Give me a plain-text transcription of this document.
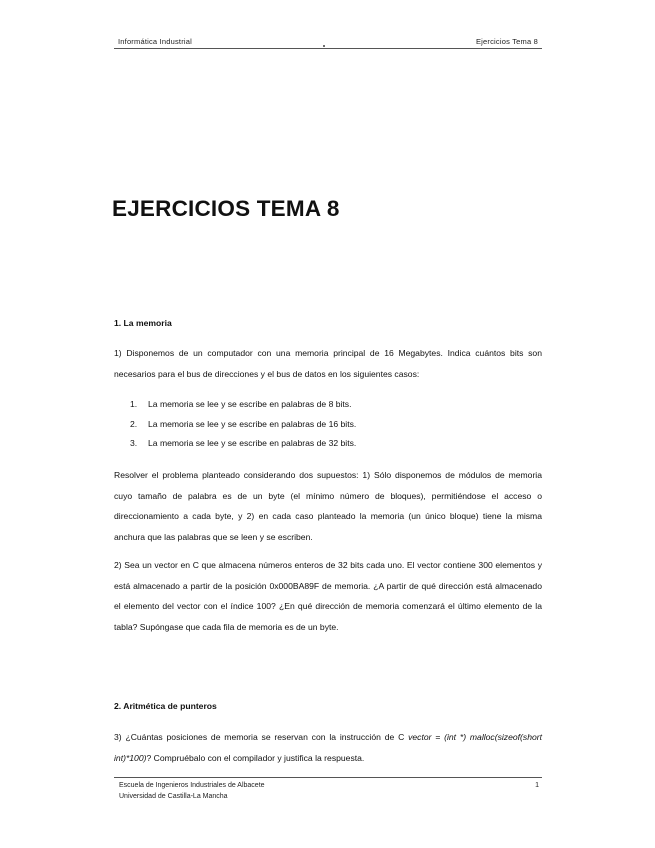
Informática Industrial	Ejercicios Tema 8
EJERCICIOS TEMA 8
1. La memoria

1) Disponemos de un computador con una memoria principal de 16 Megabytes. Indica cuántos bits son necesarios para el bus de direcciones y el bus de datos en los siguientes casos:

1. La memoria se lee y se escribe en palabras de 8 bits.
2. La memoria se lee y se escribe en palabras de 16 bits.
3. La memoria se lee y se escribe en palabras de 32 bits.

Resolver el problema planteado considerando dos supuestos: 1) Sólo disponemos de módulos de memoria cuyo tamaño de palabra es de un byte (el mínimo número de bloques), permitiéndose el acceso o direccionamiento a cada byte, y 2) en cada caso planteado la memoria (un único bloque) tiene la misma anchura que las palabras que se leen y se escriben.

2) Sea un vector en C que almacena números enteros de 32 bits cada uno. El vector contiene 300 elementos y está almacenado a partir de la posición 0x000BA89F de memoria. ¿A partir de qué dirección está almacenado el elemento del vector con el índice 100? ¿En qué dirección de memoria comenzará el último elemento de la tabla? Supóngase que cada fila de memoria es de un byte.

2. Aritmética de punteros

3) ¿Cuántas posiciones de memoria se reservan con la instrucción de C vector = (int *) malloc(sizeof(short int)*100)? Compruébalo con el compilador y justifica la respuesta.

Escuela de Ingenieros Industriales de Albacete
Universidad de Castilla-La Mancha
1
